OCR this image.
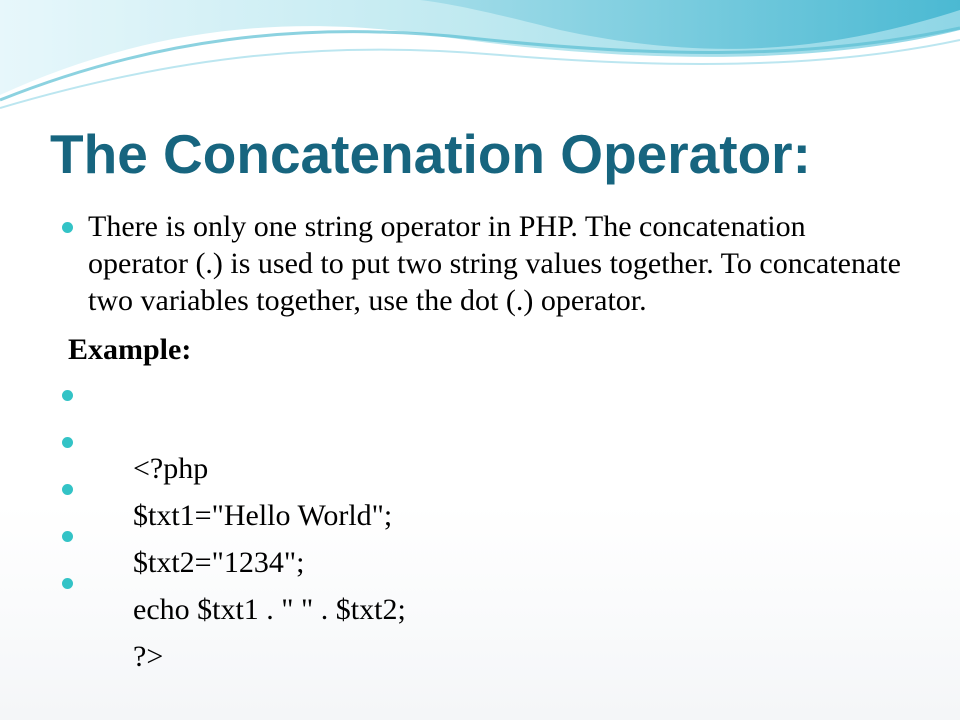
The Concatenation Operator:
There is only one string operator in PHP. The concatenation operator (.) is used to put two string values together. To concatenate two variables together, use the dot (.) operator.
Example:

<?php

$txt1="Hello World";

$txt2="1234";

echo $txt1 . " " . $txt2;

?>
